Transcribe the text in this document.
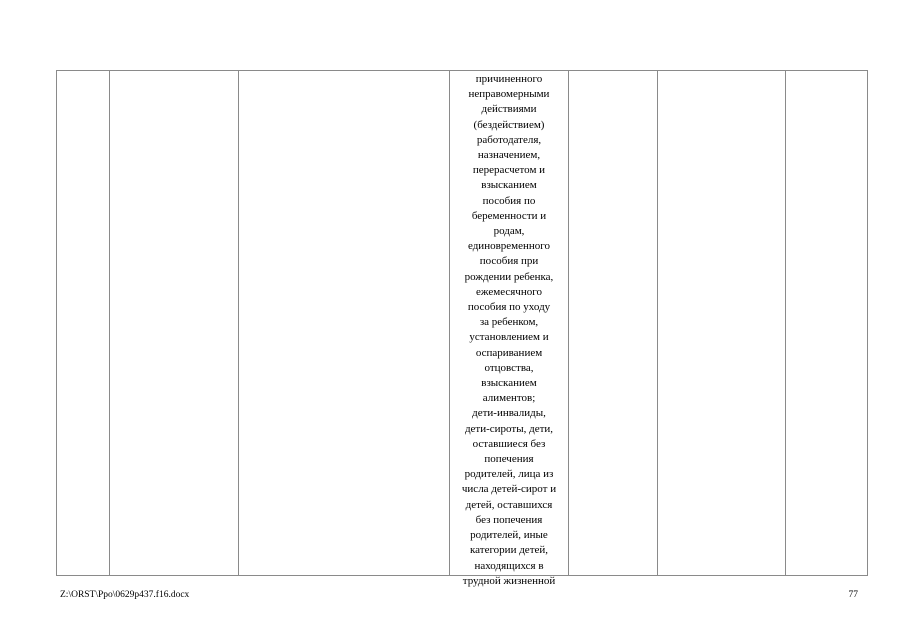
причиненного
неправомерными
действиями
(бездействием)
работодателя,
назначением,
перерасчетом и
взысканием
пособия по
беременности и
родам,
единовременного
пособия при
рождении ребенка,
ежемесячного
пособия по уходу
за ребенком,
установлением и
оспариванием
отцовства,
взысканием
алиментов;
дети-инвалиды,
дети-сироты, дети,
оставшиеся без
попечения
родителей, лица из
числа детей-сирот и
детей, оставшихся
без попечения
родителей, иные
категории детей,
находящихся в
трудной жизненной

Z:\ORST\Ppo\0629p437.f16.docx	77
